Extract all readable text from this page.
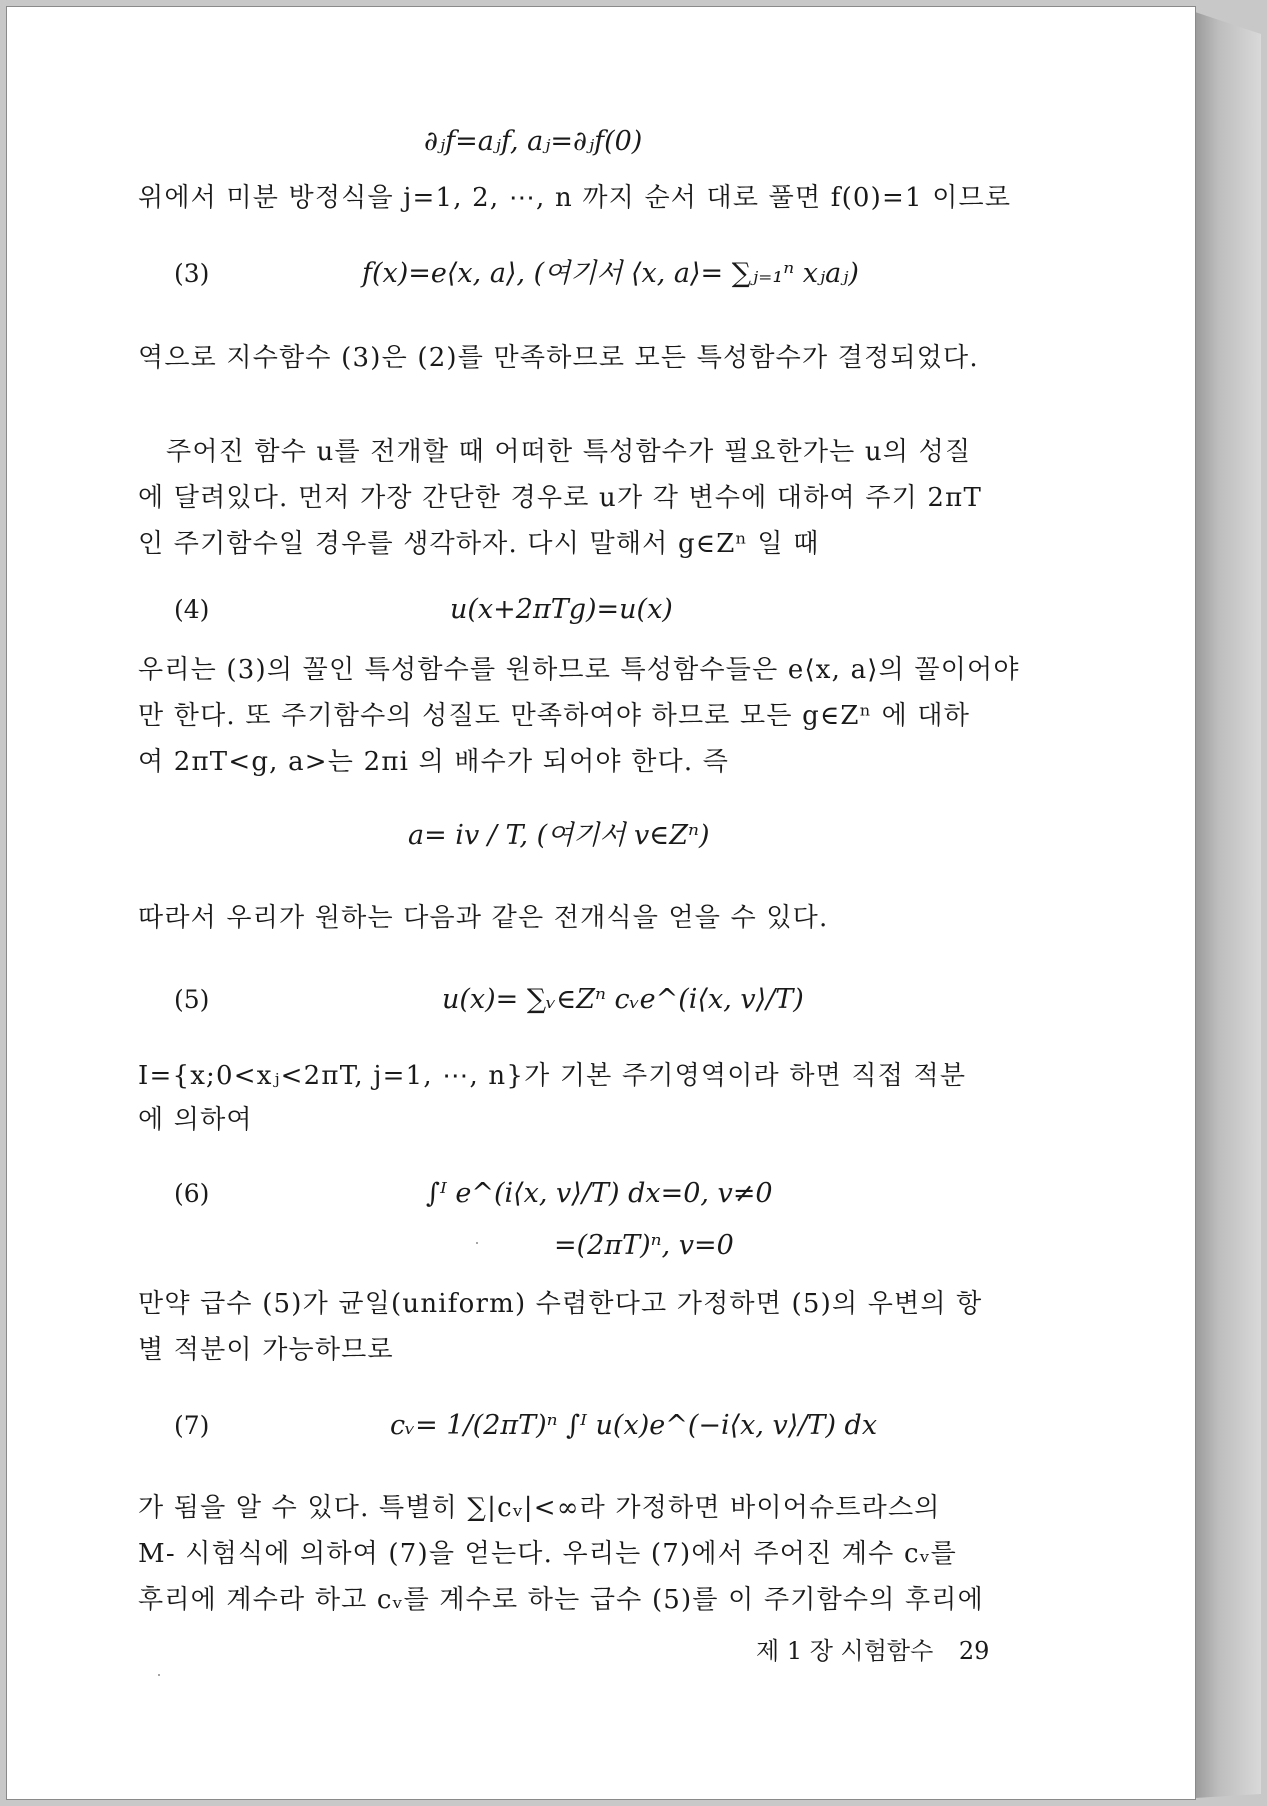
∂ⱼf=aⱼf, aⱼ=∂ⱼf(0)
위에서 미분 방정식을 j=1, 2, ⋯, n 까지 순서 대로 풀면 f(0)=1 이므로
(3)	f(x)=e⟨x, a⟩, (여기서 ⟨x, a⟩= ∑ⱼ₌₁ⁿ xⱼaⱼ)
역으로 지수함수 (3)은 (2)를 만족하므로 모든 특성함수가 결정되었다.
주어진 함수 u를 전개할 때 어떠한 특성함수가 필요한가는 u의 성질
에 달려있다. 먼저 가장 간단한 경우로 u가 각 변수에 대하여 주기 2πT
인 주기함수일 경우를 생각하자. 다시 말해서 g∈Zⁿ 일 때
(4)	u(x+2πTg)=u(x)
우리는 (3)의 꼴인 특성함수를 원하므로 특성함수들은 e⟨x, a⟩의 꼴이어야
만 한다. 또 주기함수의 성질도 만족하여야 하므로 모든 g∈Zⁿ 에 대하
여 2πT<g, a>는 2πi 의 배수가 되어야 한다. 즉
a= iv / T, (여기서 v∈Zⁿ)
따라서 우리가 원하는 다음과 같은 전개식을 얻을 수 있다.
(5)	u(x)= ∑ᵥ∈Zⁿ cᵥe^(i⟨x, v⟩/T)
I={x;0<xⱼ<2πT, j=1, ⋯, n}가 기본 주기영역이라 하면 직접 적분
에 의하여
(6)	∫ᴵ e^(i⟨x, v⟩/T) dx=0, v≠0
=(2πT)ⁿ, v=0
만약 급수 (5)가 균일(uniform) 수렴한다고 가정하면 (5)의 우변의 항
별 적분이 가능하므로
(7)	cᵥ= 1/(2πT)ⁿ ∫ᴵ u(x)e^(−i⟨x, v⟩/T) dx
가 됨을 알 수 있다. 특별히 ∑|cᵥ|<∞라 가정하면 바이어슈트라스의
M- 시험식에 의하여 (7)을 얻는다. 우리는 (7)에서 주어진 계수 cᵥ를
후리에 계수라 하고 cᵥ를 계수로 하는 급수 (5)를 이 주기함수의 후리에
제 1 장 시험함수 29
